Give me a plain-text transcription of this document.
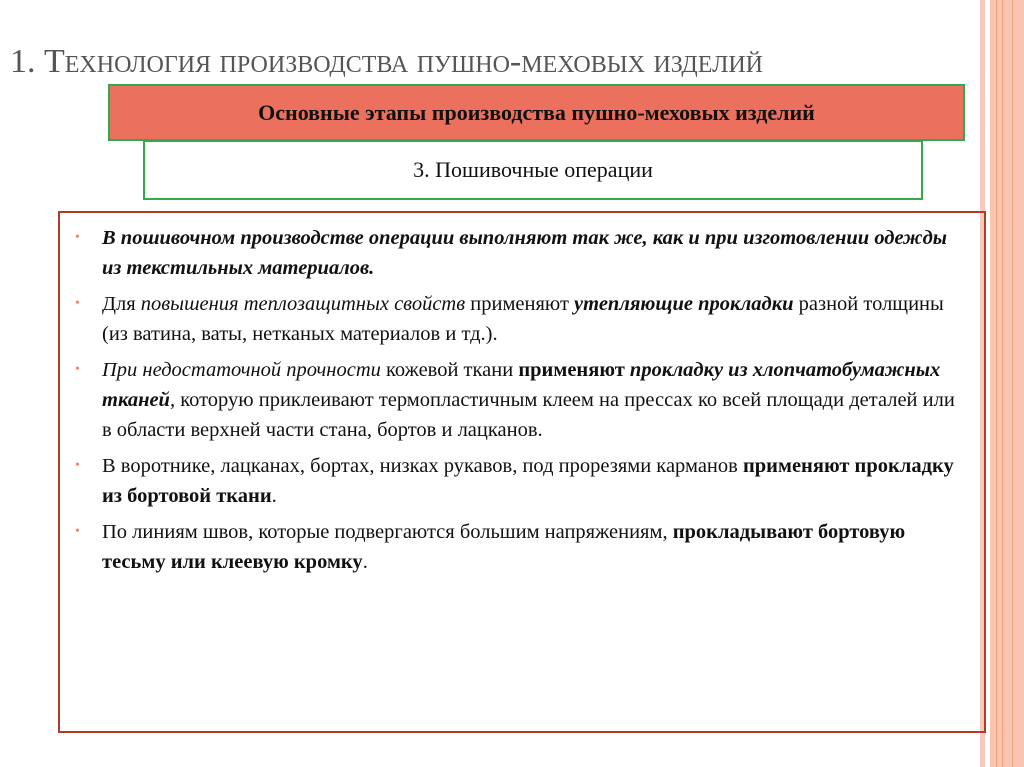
1. Технология производства пушно-меховых изделий
Основные этапы производства пушно-меховых изделий
3. Пошивочные операции
• В пошивочном производстве операции выполняют так же, как и при изготовлении одежды из текстильных материалов.
• Для повышения теплозащитных свойств применяют утепляющие прокладки разной толщины (из ватина, ваты, нетканых материалов и тд.).
• При недостаточной прочности кожевой ткани применяют прокладку из хлопчатобумажных тканей, которую приклеивают термопластичным клеем на прессах ко всей площади деталей или в области верхней части стана, бортов и лацканов.
• В воротнике, лацканах, бортах, низках рукавов, под прорезями карманов применяют прокладку из бортовой ткани.
• По линиям швов, которые подвергаются большим напряжениям, прокладывают бортовую тесьму или клеевую кромку.
